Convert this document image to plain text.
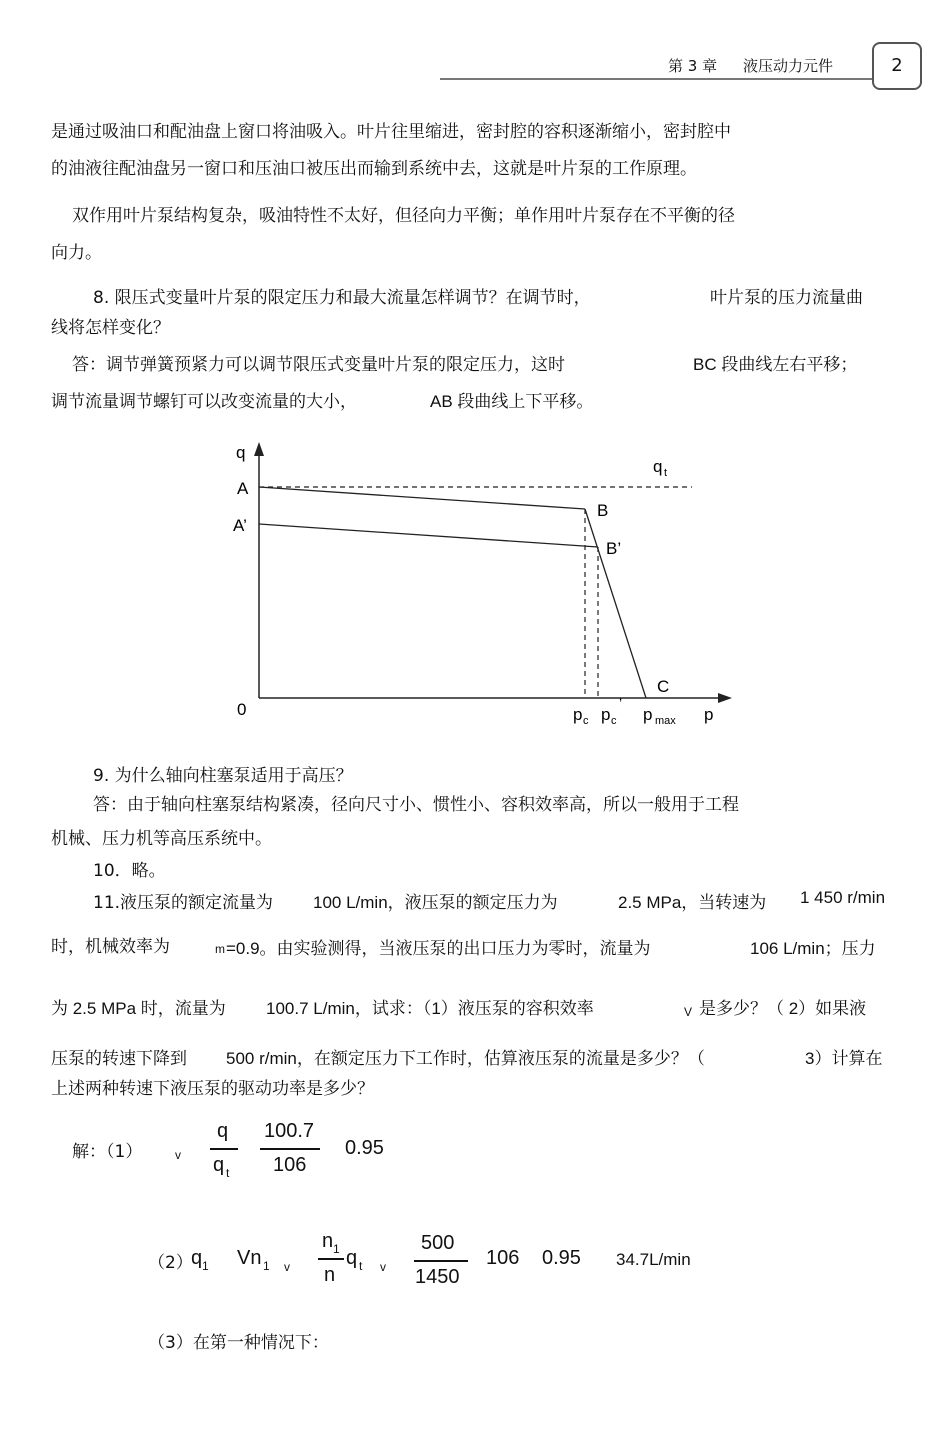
第 3 章 液压动力元件	2
是通过吸油口和配油盘上窗口将油吸入。叶片往里缩进，密封腔的容积逐渐缩小，密封腔中
的油液往配油盘另一窗口和压油口被压出而输到系统中去，这就是叶片泵的工作原理。
双作用叶片泵结构复杂，吸油特性不太好，但径向力平衡；单作用叶片泵存在不平衡的径
向力。
8. 限压式变量叶片泵的限定压力和最大流量怎样调节？在调节时，	叶片泵的压力流量曲
线将怎样变化？
答：调节弹簧预紧力可以调节限压式变量叶片泵的限定压力，这时	BC 段曲线左右平移；
调节流量调节螺钉可以改变流量的大小，	AB 段曲线上下平移。
q
0	p
A
A’
B
B’
C
q t
p c p c
’
p max
9. 为什么轴向柱塞泵适用于高压？
答：由于轴向柱塞泵结构紧凑，径向尺寸小、惯性小、容积效率高，所以一般用于工程
机械、压力机等高压系统中。
10．略。
11.液压泵的额定流量为 100 L/min，液压泵的额定压力为	2.5 MPa，当转速为 1 450 r/min
时，机械效率为	m =0.9。由实验测得，当液压泵的出口压力为零时，流量为	106 L/min；压力
为 2.5 MPa 时，流量为 100.7 L/min，试求：（1）液压泵的容积效率	V 是多少？（ 2）如果液
压泵的转速下降到 500 r/min，在额定压力下工作时，估算液压泵的流量是多少？（	3）计算在
上述两种转速下液压泵的驱动功率是多少？
解：（1）	v
q
q t
100.7
106
0.95
（2）
q 1 Vn 1 v
n 1
n
q t v
500
1450
106 0.95 34.7L/min
（3）在第一种情况下：
